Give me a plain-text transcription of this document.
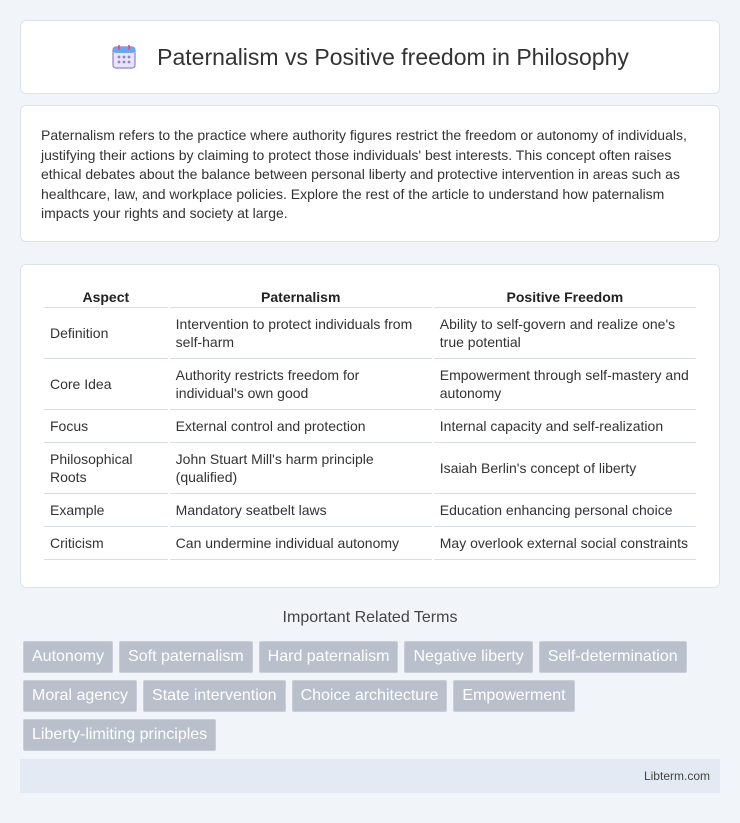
Paternalism vs Positive freedom in Philosophy

Paternalism refers to the practice where authority figures restrict the freedom or autonomy of individuals, justifying their actions by claiming to protect those individuals' best interests. This concept often raises ethical debates about the balance between personal liberty and protective intervention in areas such as healthcare, law, and workplace policies. Explore the rest of the article to understand how paternalism impacts your rights and society at large.

Aspect	Paternalism	Positive Freedom
Definition	Intervention to protect individuals from self-harm	Ability to self-govern and realize one's true potential
Core Idea	Authority restricts freedom for individual's own good	Empowerment through self-mastery and autonomy
Focus	External control and protection	Internal capacity and self-realization
Philosophical Roots	John Stuart Mill's harm principle (qualified)	Isaiah Berlin's concept of liberty
Example	Mandatory seatbelt laws	Education enhancing personal choice
Criticism	Can undermine individual autonomy	May overlook external social constraints
Important Related Terms
Autonomy	Soft paternalism	Hard paternalism	Negative liberty	Self-determination
Moral agency	State intervention	Choice architecture	Empowerment
Liberty-limiting principles
Libterm.com
